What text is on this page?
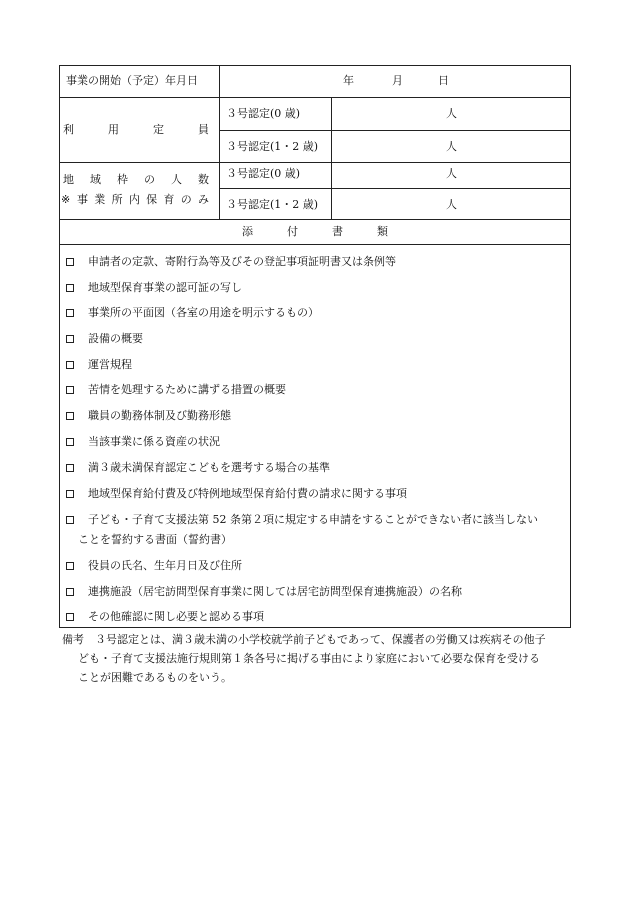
事業の開始（予定）年月日	年	月	日
利	用	定	員
３号認定(0 歳)	人
３号認定(1・2 歳)	人
地 域 枠 の 人 数
※ 事 業 所 内 保 育 の み
３号認定(0 歳)	人
３号認定(1・2 歳)	人
添	付	書	類
申請者の定款、寄附行為等及びその登記事項証明書又は条例等
地域型保育事業の認可証の写し
事業所の平面図（各室の用途を明示するもの）
設備の概要
運営規程
苦情を処理するために講ずる措置の概要
職員の勤務体制及び勤務形態
当該事業に係る資産の状況
満３歳未満保育認定こどもを選考する場合の基準
地域型保育給付費及び特例地域型保育給付費の請求に関する事項
子ども・子育て支援法第 52 条第２項に規定する申請をすることができない者に該当しない
ことを誓約する書面（誓約書）
役員の氏名、生年月日及び住所
連携施設（居宅訪問型保育事業に関しては居宅訪問型保育連携施設）の名称
その他確認に関し必要と認める事項
備考　３号認定とは、満３歳未満の小学校就学前子どもであって、保護者の労働又は疾病その他子
ども・子育て支援法施行規則第１条各号に掲げる事由により家庭において必要な保育を受ける
ことが困難であるものをいう。
